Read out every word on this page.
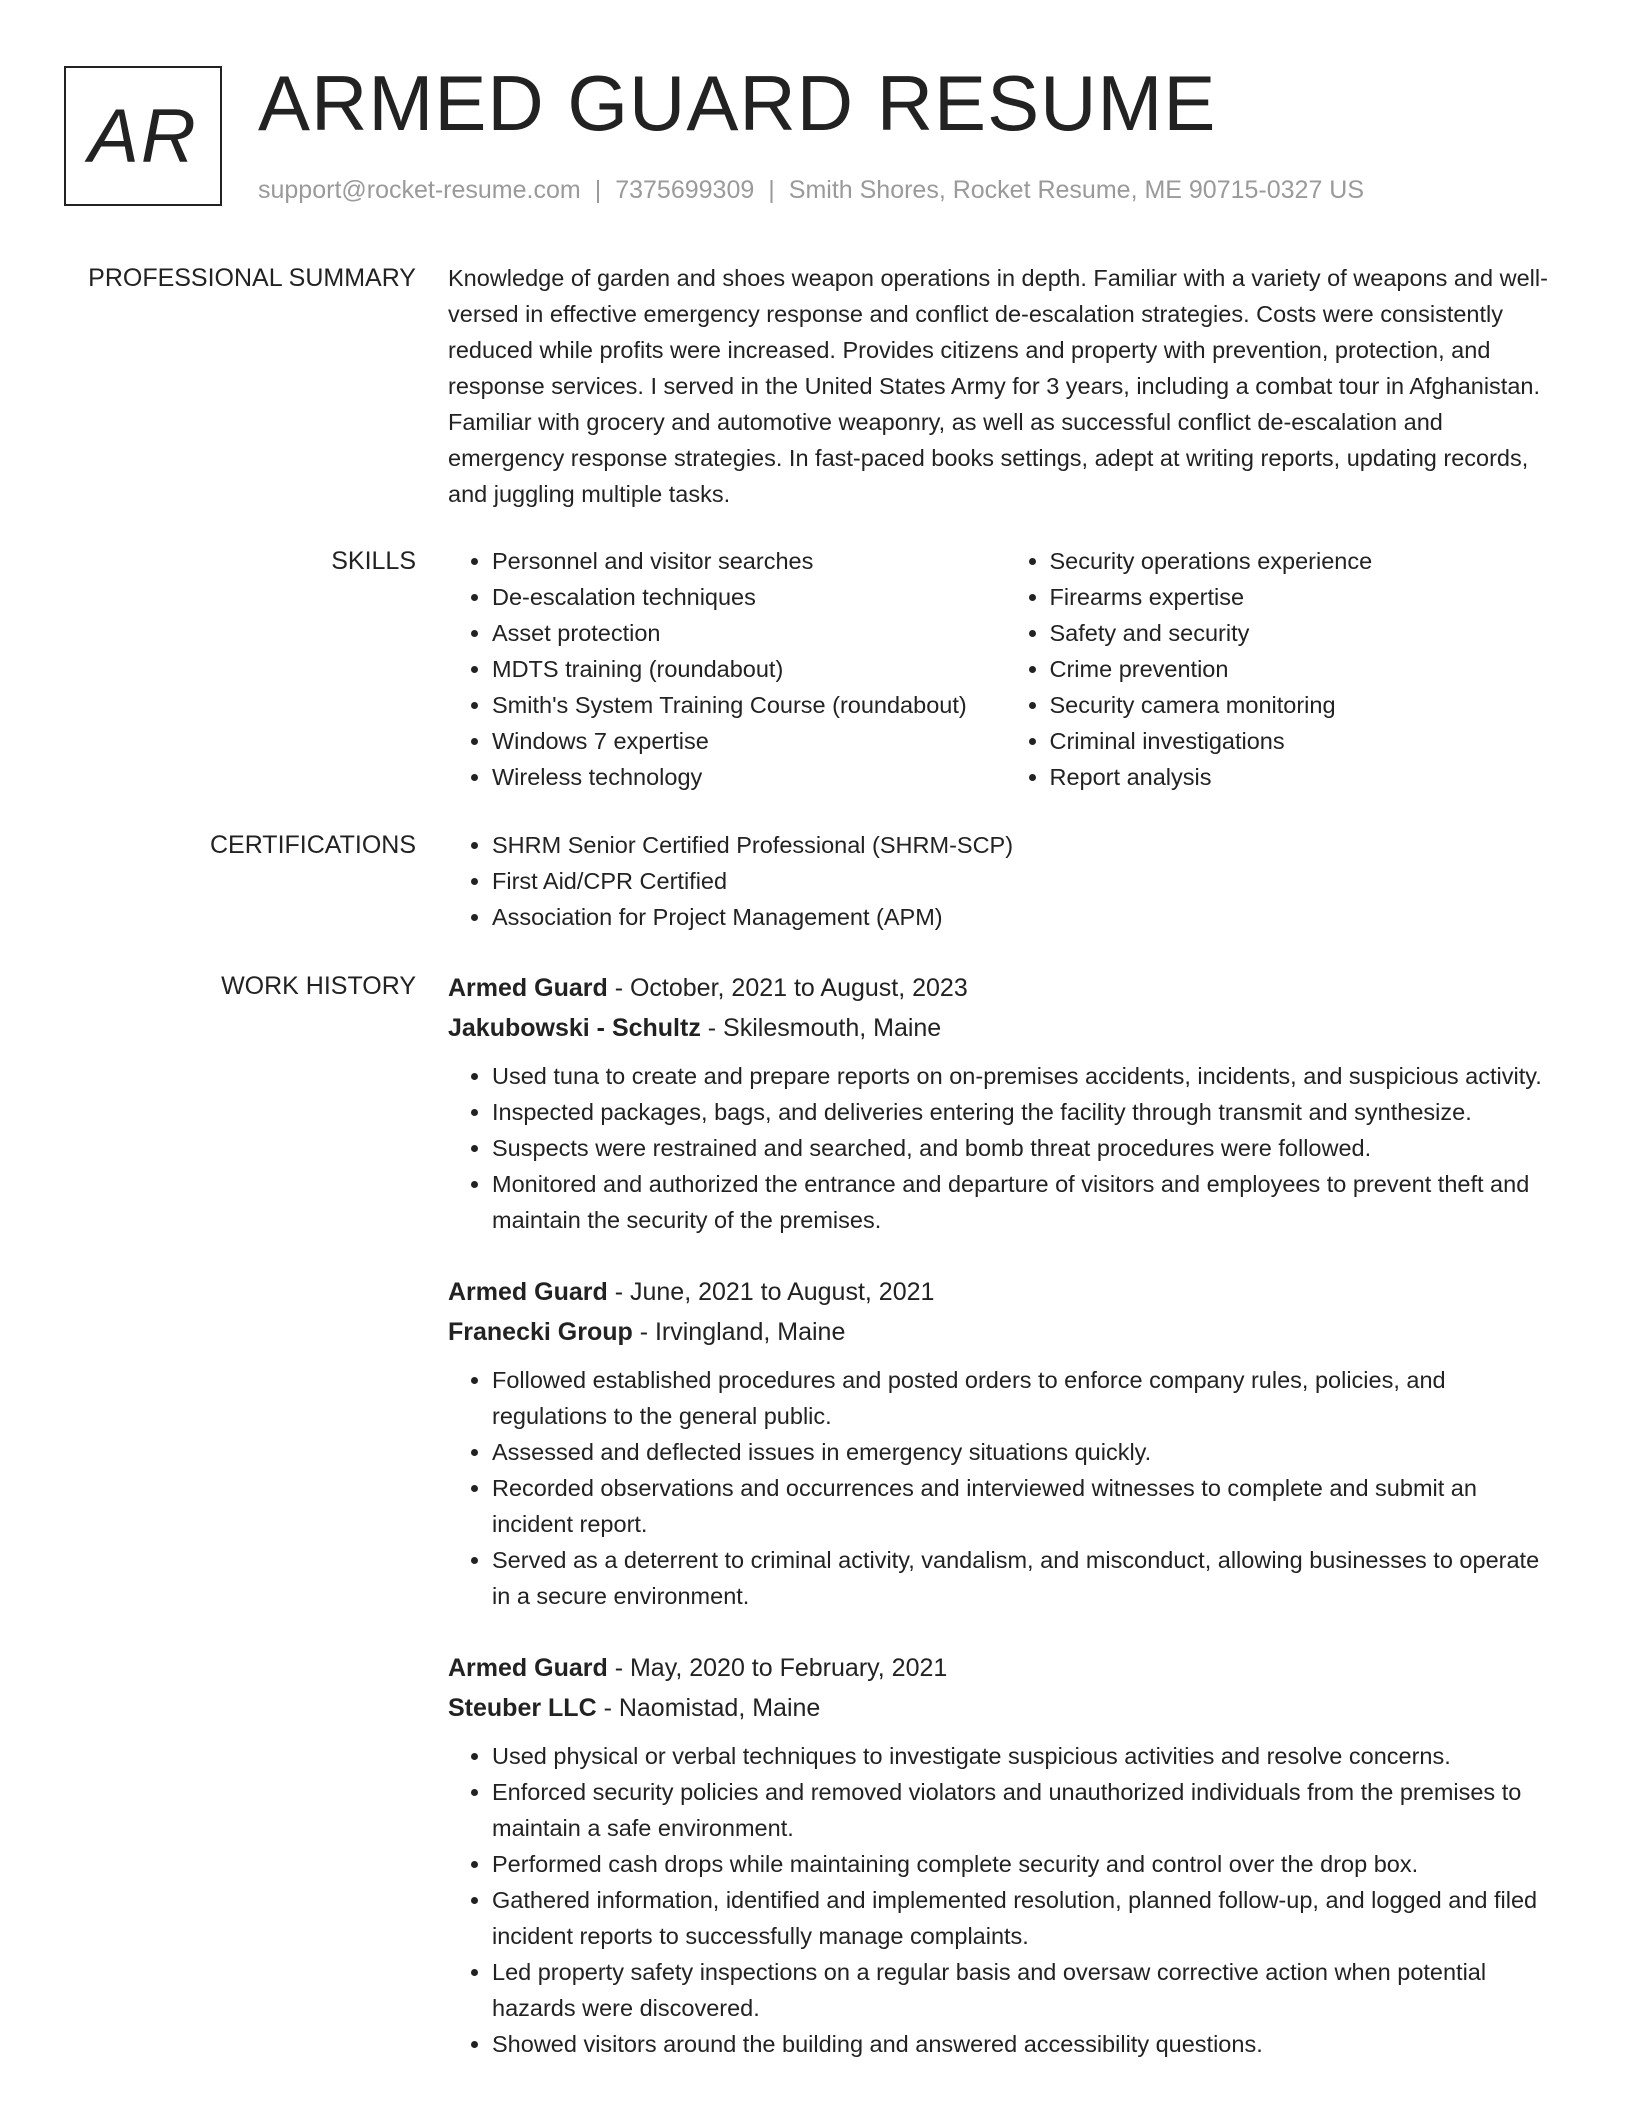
AR ARMED GUARD RESUME
support@rocket-resume.com | 7375699309 | Smith Shores, Rocket Resume, ME 90715-0327 US
PROFESSIONAL SUMMARY Knowledge of garden and shoes weapon operations in depth. Familiar with a variety of weapons and well-versed in effective emergency response and conflict de-escalation strategies. Costs were consistently reduced while profits were increased. Provides citizens and property with prevention, protection, and response services. I served in the United States Army for 3 years, including a combat tour in Afghanistan. Familiar with grocery and automotive weaponry, as well as successful conflict de-escalation and emergency response strategies. In fast-paced books settings, adept at writing reports, updating records, and juggling multiple tasks.

SKILLS	• Personnel and visitor searches
• De-escalation techniques
• Asset protection
• MDTS training (roundabout)
• Smith's System Training Course (roundabout)
• Windows 7 expertise
• Wireless technology
• Security operations experience
• Firearms expertise
• Safety and security
• Crime prevention
• Security camera monitoring
• Criminal investigations
• Report analysis
CERTIFICATIONS	• SHRM Senior Certified Professional (SHRM-SCP)
• First Aid/CPR Certified
• Association for Project Management (APM)
WORK HISTORY Armed Guard - October, 2021 to August, 2023
Jakubowski - Schultz - Skilesmouth, Maine
• Used tuna to create and prepare reports on on-premises accidents, incidents, and suspicious activity.
• Inspected packages, bags, and deliveries entering the facility through transmit and synthesize.
• Suspects were restrained and searched, and bomb threat procedures were followed.
• Monitored and authorized the entrance and departure of visitors and employees to prevent theft and maintain the security of the premises.
Armed Guard - June, 2021 to August, 2021
Franecki Group - Irvingland, Maine
• Followed established procedures and posted orders to enforce company rules, policies, and regulations to the general public.
• Assessed and deflected issues in emergency situations quickly.
• Recorded observations and occurrences and interviewed witnesses to complete and submit an incident report.
• Served as a deterrent to criminal activity, vandalism, and misconduct, allowing businesses to operate in a secure environment.
Armed Guard - May, 2020 to February, 2021
Steuber LLC - Naomistad, Maine
• Used physical or verbal techniques to investigate suspicious activities and resolve concerns.
• Enforced security policies and removed violators and unauthorized individuals from the premises to maintain a safe environment.
• Performed cash drops while maintaining complete security and control over the drop box.
• Gathered information, identified and implemented resolution, planned follow-up, and logged and filed incident reports to successfully manage complaints.
• Led property safety inspections on a regular basis and oversaw corrective action when potential hazards were discovered.
• Showed visitors around the building and answered accessibility questions.
